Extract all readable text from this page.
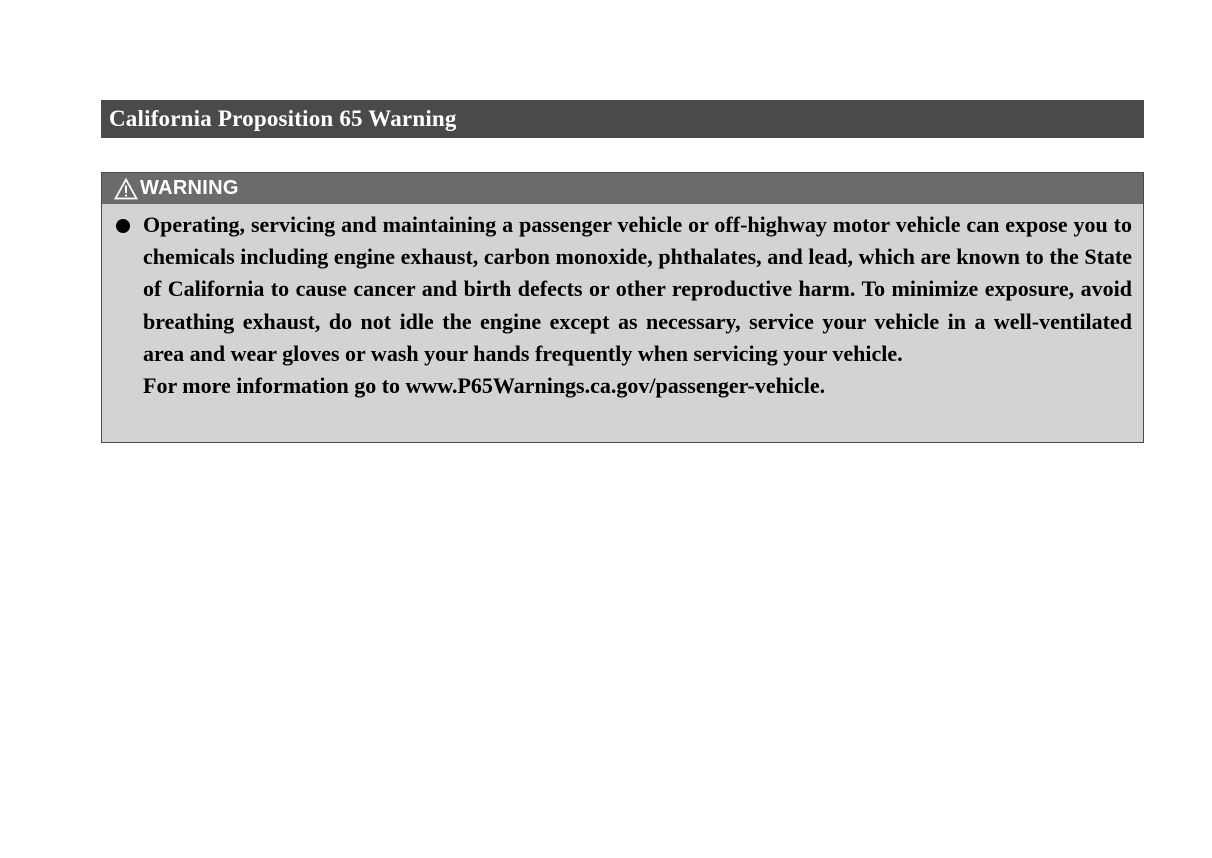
California Proposition 65 Warning
WARNING

Operating, servicing and maintaining a passenger vehicle or off-highway motor vehicle can expose you to chemicals including engine exhaust, carbon monoxide, phthalates, and lead, which are known to the State of California to cause cancer and birth defects or other reproductive harm. To minimize exposure, avoid breathing exhaust, do not idle the engine except as necessary, service your vehicle in a well-ventilated area and wear gloves or wash your hands frequently when servicing your vehicle.

For more information go to www.P65Warnings.ca.gov/passenger-vehicle.
